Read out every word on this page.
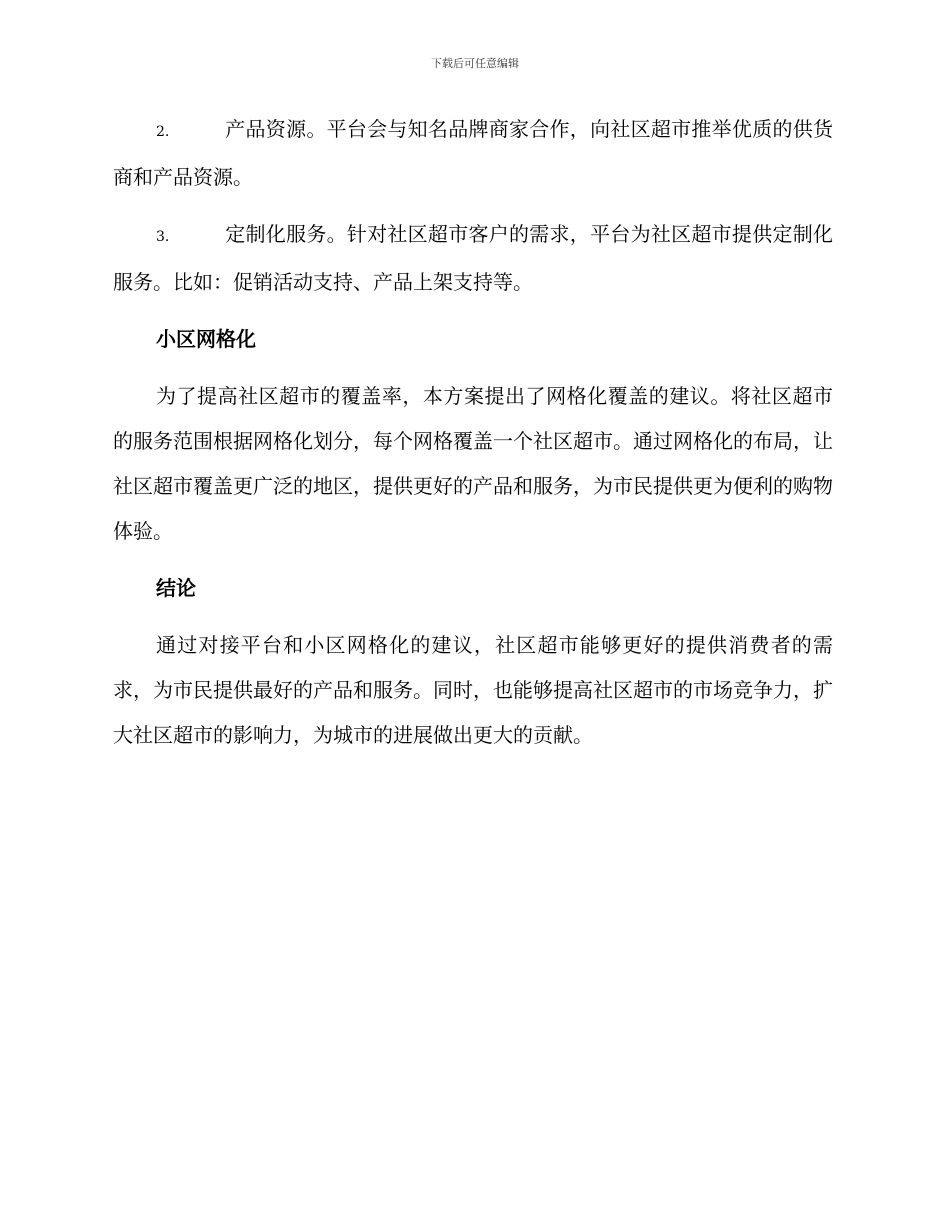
下载后可任意编辑

2.	产品资源。平台会与知名品牌商家合作，向社区超市推举优质的供货商和产品资源。

3.	定制化服务。针对社区超市客户的需求，平台为社区超市提供定制化服务。比如：促销活动支持、产品上架支持等。

小区网格化

为了提高社区超市的覆盖率，本方案提出了网格化覆盖的建议。将社区超市的服务范围根据网格化划分，每个网格覆盖一个社区超市。通过网格化的布局，让社区超市覆盖更广泛的地区，提供更好的产品和服务，为市民提供更为便利的购物体验。

结论

通过对接平台和小区网格化的建议，社区超市能够更好的提供消费者的需求，为市民提供最好的产品和服务。同时，也能够提高社区超市的市场竞争力，扩大社区超市的影响力，为城市的进展做出更大的贡献。
